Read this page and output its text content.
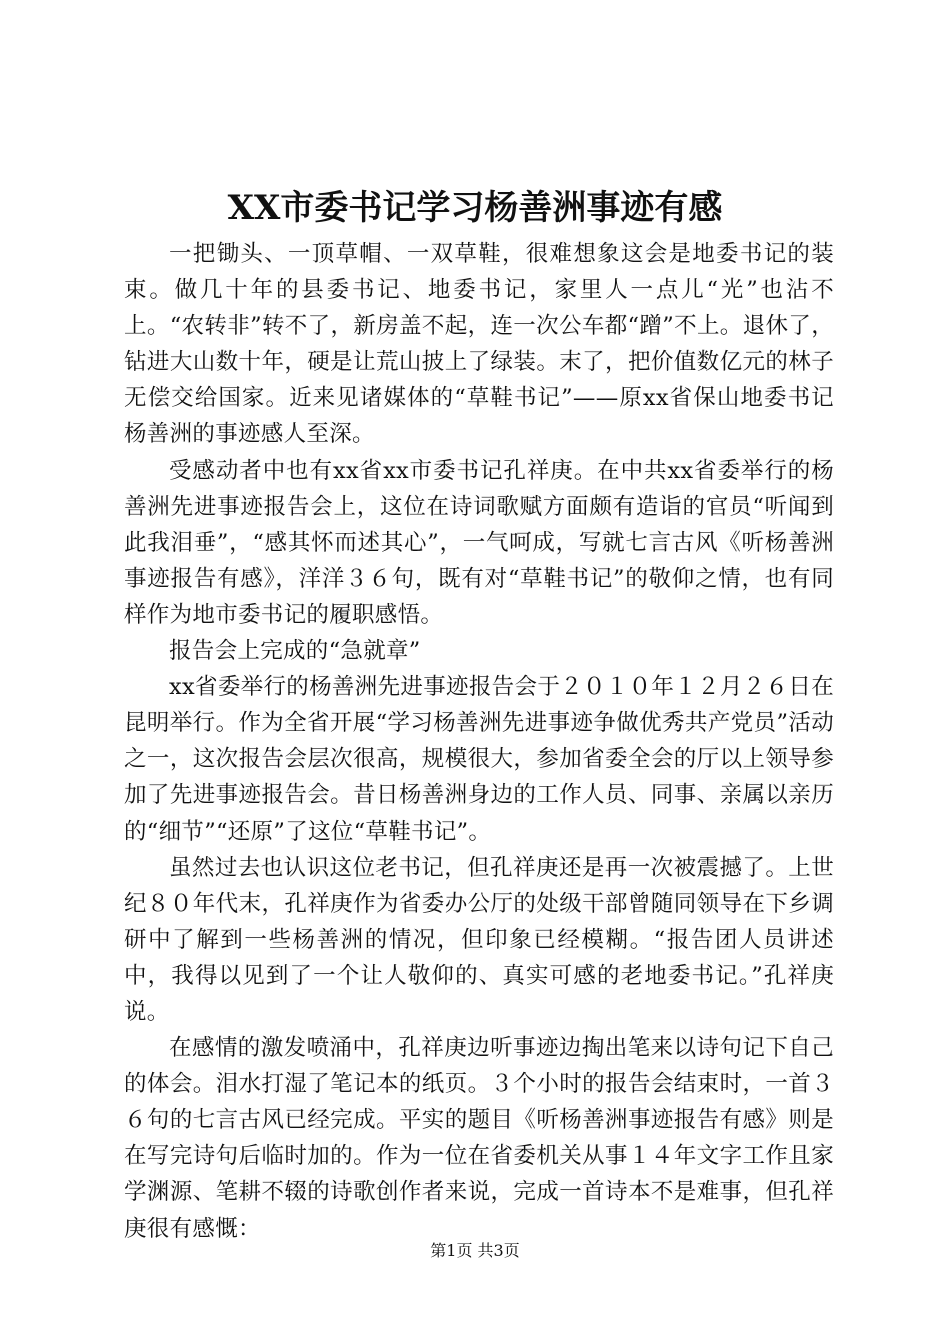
XX市委书记学习杨善洲事迹有感

一把锄头、一顶草帽、一双草鞋，很难想象这会是地委书记的装束。做几十年的县委书记、地委书记，家里人一点儿“光”也沾不上。“农转非”转不了，新房盖不起，连一次公车都“蹭”不上。退休了，钻进大山数十年，硬是让荒山披上了绿装。末了，把价值数亿元的林子无偿交给国家。近来见诸媒体的“草鞋书记”——原xx省保山地委书记杨善洲的事迹感人至深。

受感动者中也有xx省xx市委书记孔祥庚。在中共xx省委举行的杨善洲先进事迹报告会上，这位在诗词歌赋方面颇有造诣的官员“听闻到此我泪垂”，“感其怀而述其心”，一气呵成，写就七言古风《听杨善洲事迹报告有感》，洋洋３６句，既有对“草鞋书记”的敬仰之情，也有同样作为地市委书记的履职感悟。

报告会上完成的“急就章”

xx省委举行的杨善洲先进事迹报告会于２０１０年１２月２６日在昆明举行。作为全省开展“学习杨善洲先进事迹争做优秀共产党员”活动之一，这次报告会层次很高，规模很大，参加省委全会的厅以上领导参加了先进事迹报告会。昔日杨善洲身边的工作人员、同事、亲属以亲历的“细节”“还原”了这位“草鞋书记”。

虽然过去也认识这位老书记，但孔祥庚还是再一次被震撼了。上世纪８０年代末，孔祥庚作为省委办公厅的处级干部曾随同领导在下乡调研中了解到一些杨善洲的情况，但印象已经模糊。“报告团人员讲述中，我得以见到了一个让人敬仰的、真实可感的老地委书记。”孔祥庚说。

在感情的激发喷涌中，孔祥庚边听事迹边掏出笔来以诗句记下自己的体会。泪水打湿了笔记本的纸页。３个小时的报告会结束时，一首３６句的七言古风已经完成。平实的题目《听杨善洲事迹报告有感》则是在写完诗句后临时加的。作为一位在省委机关从事１４年文字工作且家学渊源、笔耕不辍的诗歌创作者来说，完成一首诗本不是难事，但孔祥庚很有感慨：

第1页 共3页
